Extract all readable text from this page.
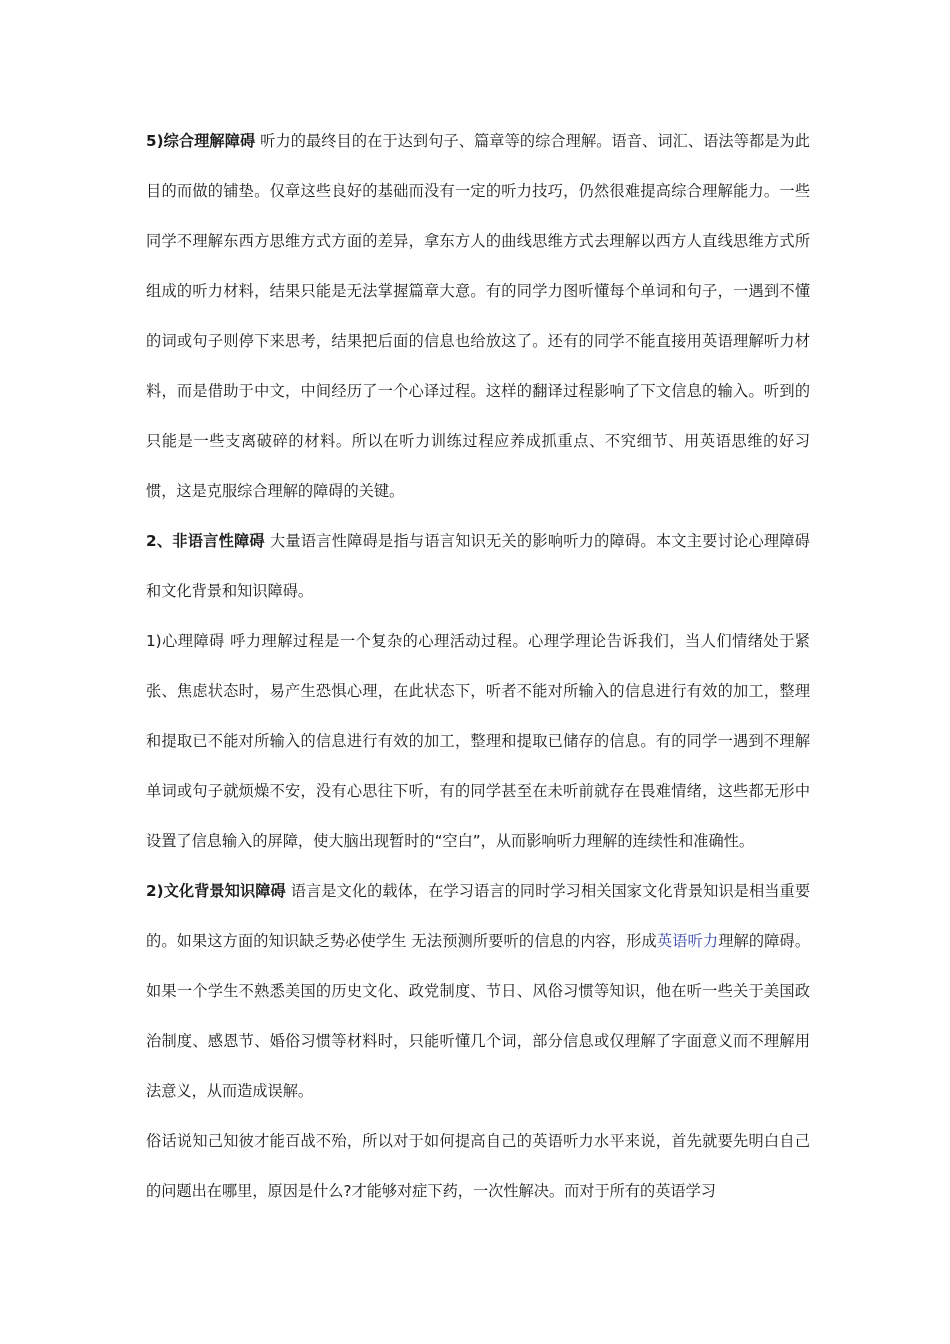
5)综合理解障碍 听力的最终目的在于达到句子、篇章等的综合理解。语音、词汇、语法等都是为此目的而做的铺垫。仅章这些良好的基础而没有一定的听力技巧，仍然很难提高综合理解能力。一些同学不理解东西方思维方式方面的差异，拿东方人的曲线思维方式去理解以西方人直线思维方式所组成的听力材料，结果只能是无法掌握篇章大意。有的同学力图听懂每个单词和句子，一遇到不懂的词或句子则停下来思考，结果把后面的信息也给放这了。还有的同学不能直接用英语理解听力材料，而是借助于中文，中间经历了一个心译过程。这样的翻译过程影响了下文信息的输入。听到的只能是一些支离破碎的材料。所以在听力训练过程应养成抓重点、不究细节、用英语思维的好习惯，这是克服综合理解的障碍的关键。

2、非语言性障碍 大量语言性障碍是指与语言知识无关的影响听力的障碍。本文主要讨论心理障碍和文化背景和知识障碍。

1)心理障碍 呼力理解过程是一个复杂的心理活动过程。心理学理论告诉我们，当人们情绪处于紧张、焦虑状态时，易产生恐惧心理，在此状态下，听者不能对所输入的信息进行有效的加工，整理和提取已不能对所输入的信息进行有效的加工，整理和提取已储存的信息。有的同学一遇到不理解单词或句子就烦燥不安，没有心思往下听，有的同学甚至在未听前就存在畏难情绪，这些都无形中设置了信息输入的屏障，使大脑出现暂时的“空白”，从而影响听力理解的连续性和准确性。

2)文化背景知识障碍 语言是文化的载体，在学习语言的同时学习相关国家文化背景知识是相当重要的。如果这方面的知识缺乏势必使学生 无法预测所要听的信息的内容，形成英语听力理解的障碍。如果一个学生不熟悉美国的历史文化、政党制度、节日、风俗习惯等知识，他在听一些关于美国政治制度、感恩节、婚俗习惯等材料时，只能听懂几个词，部分信息或仅理解了字面意义而不理解用法意义，从而造成误解。

俗话说知己知彼才能百战不殆，所以对于如何提高自己的英语听力水平来说，首先就要先明白自己的问题出在哪里，原因是什么?才能够对症下药，一次性解决。而对于所有的英语学习
